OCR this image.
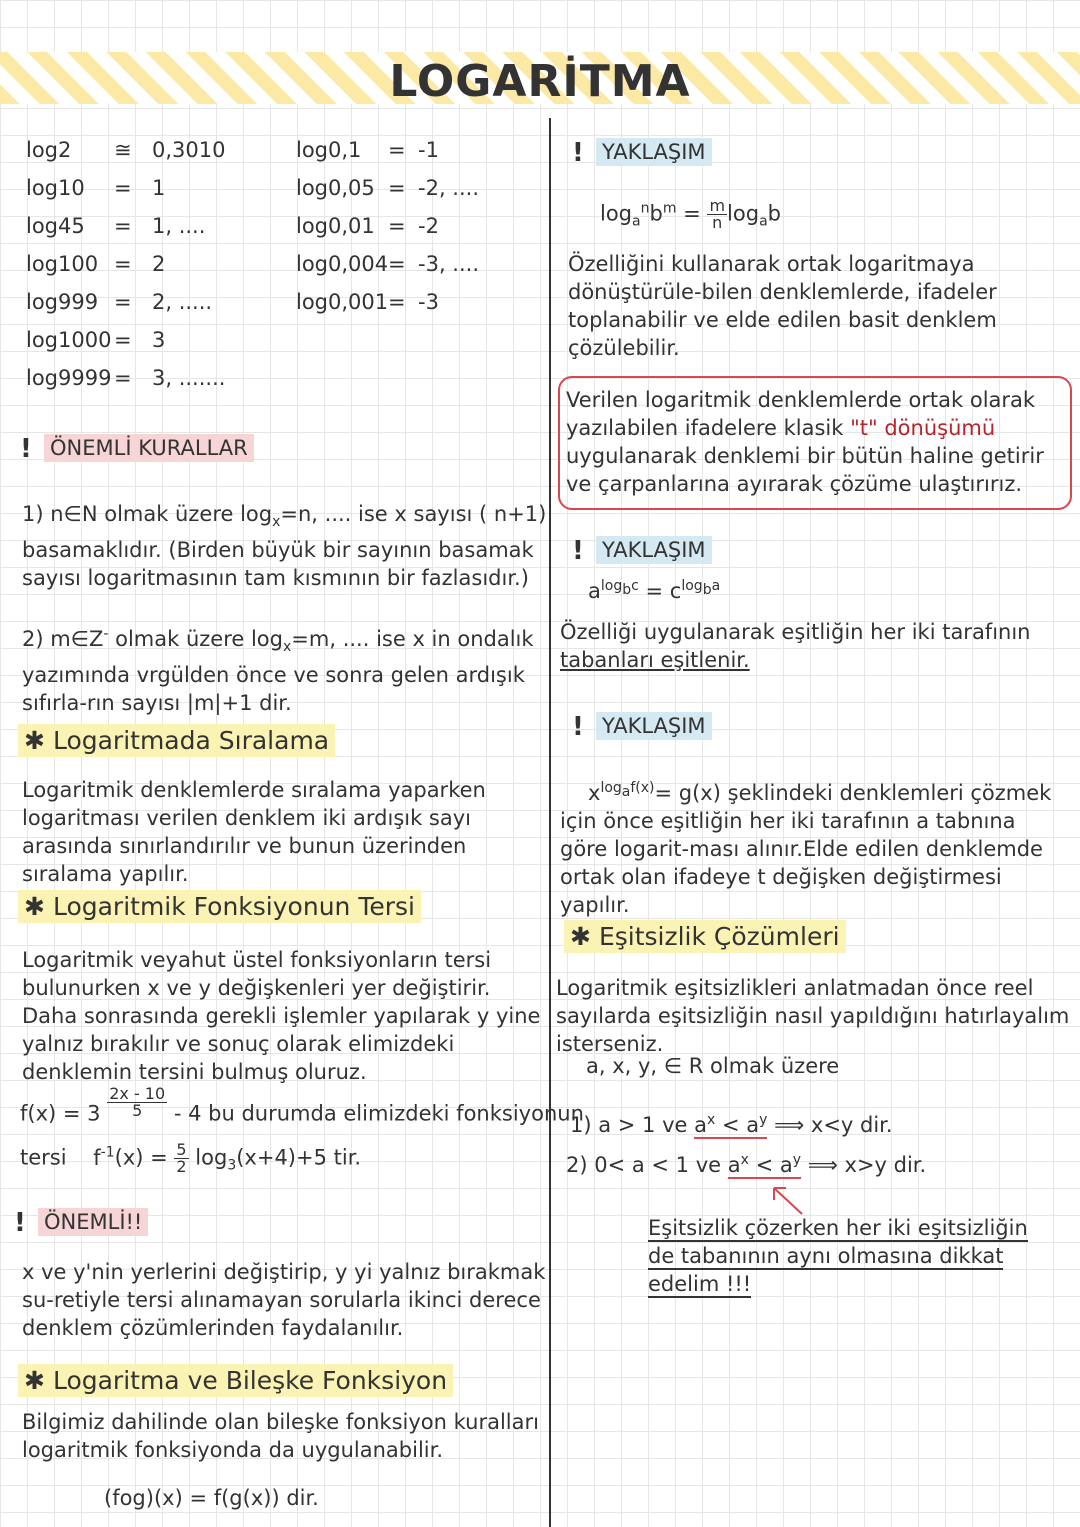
LOGARİTMA
log2 ≅ 0,3010
log10 = 1
log45 = 1, ....
log100 = 2
log999 = 2, .....
log1000 = 3
log9999 = 3, .......
log0,1 = -1
log0,05 = -2, ....
log0,01 = -2
log0,004= -3, ....
log0,001= -3
! ÖNEMLİ KURALLAR
1) n∈N olmak üzere $\log_x=n$, .... ise x sayısı ( n+1) basamaklıdır. (Birden büyük bir sayının basamak sayısı logaritmasının tam kısmının bir fazlasıdır.)
2) m∈Z- olmak üzere $\log_x=m$, .... ise x in ondalık yazımında vrgülden önce ve sonra gelen ardışık sıfırla-rın sayısı |m|+1 dir.
✱ Logaritmada Sıralama
Logaritmik denklemlerde sıralama yaparken logaritması verilen denklem iki ardışık sayı arasında sınırlandırılır ve bunun üzerinden sıralama yapılır.
✱ Logaritmik Fonksiyonun Tersi
Logaritmik veyahut üstel fonksiyonların tersi bulunurken x ve y değişkenleri yer değiştirir. Daha sonrasında gerekli işlemler yapılarak y yine yalnız bırakılır ve sonuç olarak elimizdeki denklemin tersini bulmuş oluruz.
$f(x) = 3 \frac{2x - 10}{5} - 4$ bu durumda elimizdeki fonksiyonun
tersi $f^{-1}(x) = \frac{5}{2} \log_3(x+4)+5$ tir.
! ÖNEMLİ!!
x ve y'nin yerlerini değiştirip, y yi yalnız bırakmak su-retiyle tersi alınamayan sorularla ikinci derece denklem çözümlerinden faydalanılır.
✱ Logaritma ve Bileşke Fonksiyon
Bilgimiz dahilinde olan bileşke fonksiyon kuralları logaritmik fonksiyonda da uygulanabilir.
(fog)(x) = f(g(x)) dir.
! YAKLAŞIM
$\log_a^nb^m = \frac{m}{n} \log_ab$
Özelliğini kullanarak ortak logaritmaya dönüştürüle-bilen denklemlerde, ifadeler toplanabilir ve elde edilen basit denklem çözülebilir.
Verilen logaritmik denklemlerde ortak olarak yazılabilen ifadelere klasik "t" dönüşümü uygulanarak denklemi bir bütün haline getirir ve çarpanlarına ayırarak çözüme ulaştırırız.
! YAKLAŞIM
$a^{log_bc} = c^{log_ba}$
Özelliği uygulanarak eşitliğin her iki tarafının tabanları eşitlenir.
! YAKLAŞIM
$x^{log_af(x)}= g(x)$ şeklindeki denklemleri çözmek için önce eşitliğin her iki tarafının a tabnına göre logarit-ması alınır.Elde edilen denklemde ortak olan ifadeye t değişken değiştirmesi yapılır.
✱ Eşitsizlik Çözümleri
Logaritmik eşitsizlikleri anlatmadan önce reel sayılarda eşitsizliğin nasıl yapıldığını hatırlayalım isterseniz.
a, x, y, ∈ R olmak üzere
1) a > 1 ve $a^x < a^y$ ⟹ x<y dir.
2) 0< a < 1 ve $a^x < a^y$ ⟹ x>y dir.
Eşitsizlik çözerken her iki eşitsizliğin de tabanının aynı olmasına dikkat edelim !!!
